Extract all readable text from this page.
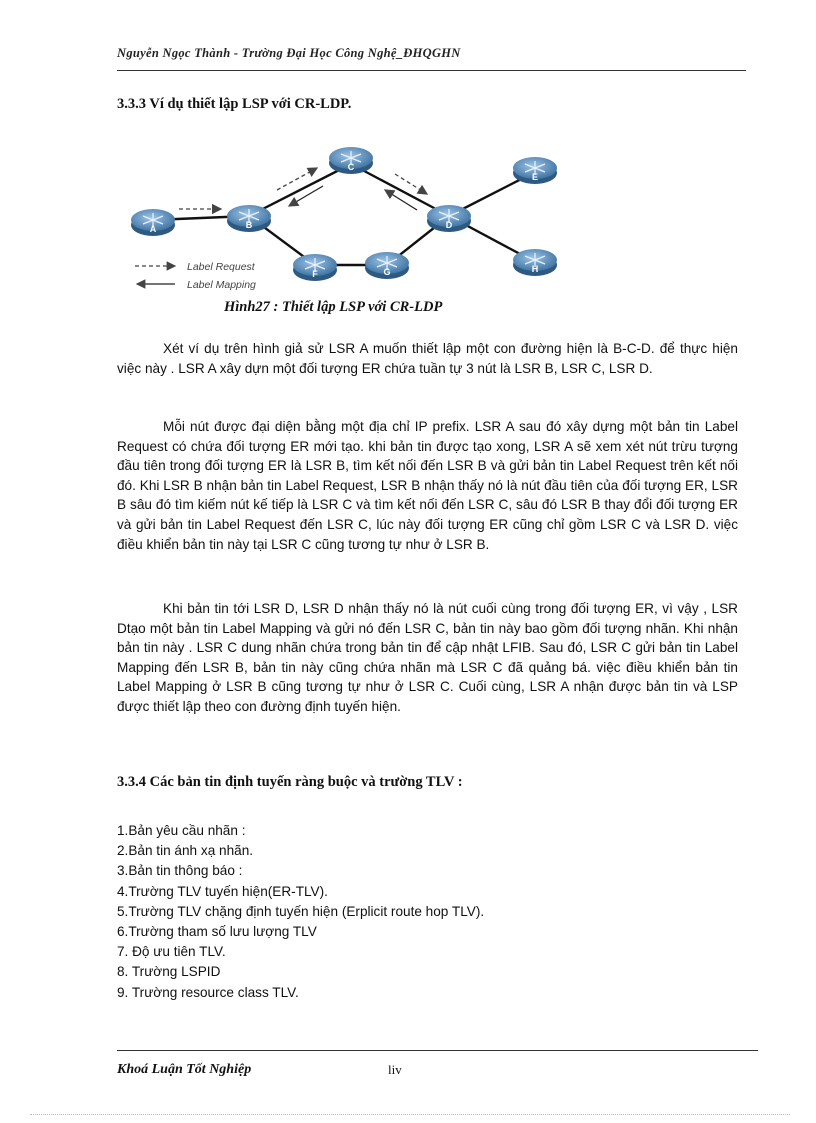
Nguyễn Ngọc Thành - Trường Đại Học Công Nghệ_ĐHQGHN
3.3.3 Ví dụ thiết lập LSP với CR-LDP.
A	B
C
D
E
F	G	H
Label Request
Label Mapping
Hình27 : Thiết lập LSP với CR-LDP

Xét ví dụ trên hình giả sử LSR A muốn thiết lập một con đường hiện là B-C-D. để thực hiện việc này . LSR A xây dựn một đối tượng ER chứa tuần tự 3 nút là LSR B, LSR C, LSR D.

Mỗi nút được đại diện bằng một địa chỉ IP prefix. LSR A sau đó xây dựng một bản tin Label Request có chứa đối tượng ER mới tạo. khi bản tin được tạo xong, LSR A sẽ xem xét nút trừu tượng đầu tiên trong đối tượng ER là LSR B, tìm kết nối đến LSR B và gửi bản tin Label Request trên kết nối đó. Khi LSR B nhận bản tin Label Request, LSR B nhận thấy nó là nút đầu tiên của đối tượng ER, LSR B sâu đó tìm kiếm nút kế tiếp là LSR C và tìm kết nối đến LSR C, sâu đó LSR B thay đổi đối tượng ER và gửi bản tin Label Request đến LSR C, lúc này đối tượng ER cũng chỉ gồm LSR C và LSR D. việc điều khiển bản tin này tại LSR C cũng tương tự như ở LSR B.

Khi bản tin tới LSR D, LSR D nhận thấy nó là nút cuối cùng trong đối tượng ER, vì vậy , LSR Dtạo một bản tin Label Mapping và gửi nó đến LSR C, bản tin này bao gồm đối tượng nhãn. Khi nhận bản tin này . LSR C dung nhãn chứa trong bản tin để cập nhật LFIB. Sau đó, LSR C gửi bản tin Label Mapping đến LSR B, bản tin này cũng chứa nhãn mà LSR C đã quảng bá. việc điều khiển bản tin Label Mapping ở LSR B cũng tương tự như ở LSR C. Cuối cùng, LSR A nhận được bản tin và LSP được thiết lập theo con đường định tuyến hiện.

3.3.4 Các bản tin định tuyến ràng buộc và trường TLV :
1.Bản yêu cầu nhãn :
2.Bản tin ánh xạ nhãn.
3.Bản tin thông báo :
4.Trường TLV tuyến hiện(ER-TLV).
5.Trường TLV chặng định tuyến hiện (Erplicit route hop TLV).
6.Trường tham số lưu lượng TLV
7. Độ ưu tiên TLV.
8. Trường LSPID
9. Trường resource class TLV.
Khoá Luận Tốt Nghiệp	liv
